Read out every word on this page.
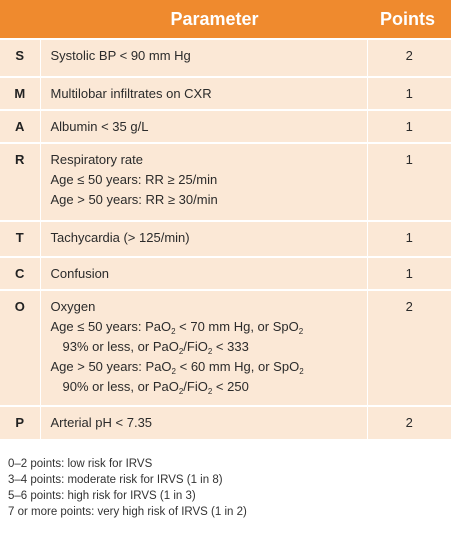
	Parameter	Points
S	Systolic BP < 90 mm Hg	2
M	Multilobar infiltrates on CXR	1
A	Albumin < 35 g/L	1
R	Respiratory rate
Age ≤ 50 years: RR ≥ 25/min
Age > 50 years: RR ≥ 30/min	1
T	Tachycardia (> 125/min)	1
C	Confusion	1
O	Oxygen
Age ≤ 50 years: PaO$_2$ < 70 mm Hg, or SpO$_2$
93% or less, or PaO$_2$/FiO$_2$ < 333
Age > 50 years: PaO$_2$ < 60 mm Hg, or SpO$_2$
90% or less, or PaO$_2$/FiO$_2$ < 250	2
P	Arterial pH < 7.35	2
0–2 points: low risk for IRVS
3–4 points: moderate risk for IRVS (1 in 8)
5–6 points: high risk for IRVS (1 in 3)
7 or more points: very high risk of IRVS (1 in 2)
